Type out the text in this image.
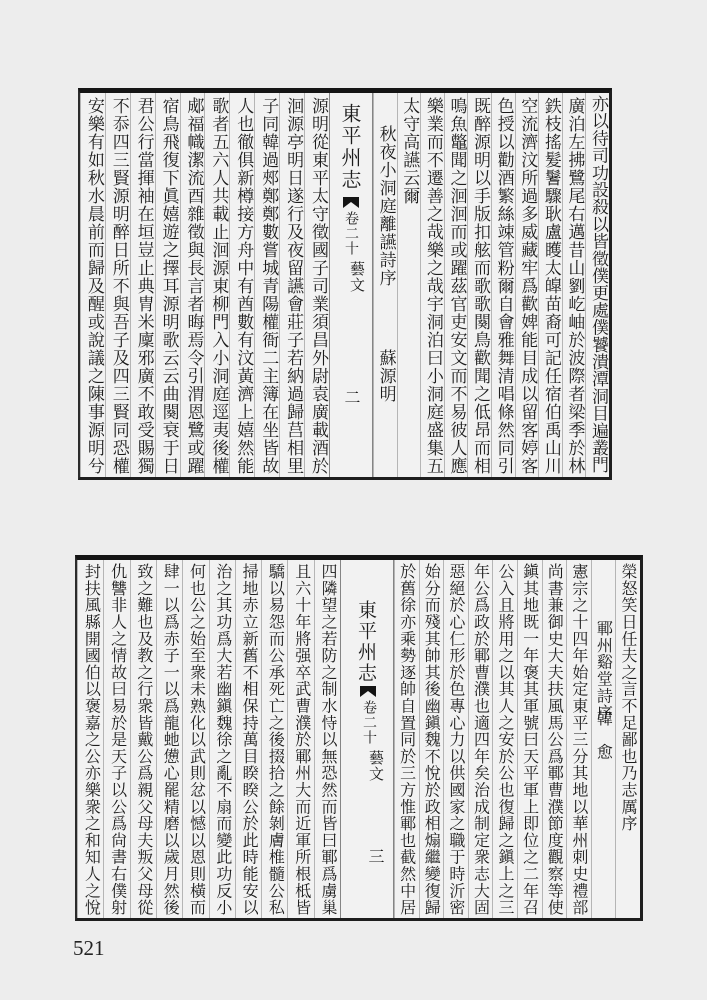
亦以待司功設殺以皆徵僕更處僕饕潰潭洞目遍叢門
廣泊左拂鷺尾右邁昔山劉屹岫於波際者梁季於林
鉄枝搖髮鬐驟耿盧矆太皥苗裔可記任宿伯禹山川
空流濟汶所過多威藏牢爲歡婢能目成以留客婷客
色授以勸酒繁絲竦管粉爾自會雅舞清唱條然同引
既醉源明以手版扣舷而歌歌闋鳥歡聞之低昂而相
鳴魚鼈聞之洄洄而或躍茲官吏安文而不易彼人應
樂業而不遷善之哉樂之哉宇洞泊曰小洞庭盛集五
太守高讌云爾
秋夜小洞庭離讌詩序
蘇源明
東平州志
卷二十
藝文
二
源明從東平太守徵國子司業須昌外尉袁廣載酒於
洄源亭明日遂行及夜留讌會莊子若納過歸莒相里
子同韓過郟鄭鄭數嘗城青陽權衙二主簿在坐皆故
人也徹俱新樽接方舟中有酋數有汶黃濟上嬉然能
歌者五六人共載止洄源東柳門入小洞庭逕夷後權
郕福幟潔流酉雜徵與長言者晦焉令引渭恩鷺或躍
宿鳥飛復下眞嬉遊之擇耳源明歌云云曲闋衰于日
君公行當揮袖在垣豈止典胄米廩邪廣不敢受賜獨
不忝四三賢源明醉日所不與吾子及四三賢同恐權
安樂有如秋水晨前而歸及醒或說議之陳事源明兮
榮怒笑日任夫之言不足鄙也乃志厲序
鄆州谿堂詩序
韓　愈
憲宗之十四年始定東平三分其地以華州刺史禮部
尚書兼御史大夫扶風馬公爲鄆曹濮節度觀察等使
鎭其地既一年褒其軍號曰天平軍上即位之二年召
公入且將用之以其人之安於公也復歸之鎭上之三
年公爲政於鄆曹濮也適四年矣治成制定衆志大固
惡絕於心仁形於色專心力以供國家之職于時沂密
始分而殘其帥其後幽鎭魏不悅於政相煽繼變復歸
於舊徐亦乘勢逐帥自置同於三方惟鄆也截然中居
東平州志
卷二十
藝文
三
四隣望之若防之制水恃以無恐然而皆曰鄆爲虜巢
且六十年將强卒武曹濮於鄆州大而近軍所根柢皆
驕以易怨而公承死亡之後掇拾之餘剝膚椎髓公私
掃地赤立新舊不相保持萬目睽睽公於此時能安以
治之其功爲大若幽鎭魏徐之亂不扇而變此功反小
何也公之始至衆未熟化以武則忿以憾以恩則橫而
肆一以爲赤子一以爲龍虵憊心罷精磨以歲月然後
致之難也及教之行衆皆戴公爲親父母夫叛父母從
仇讐非人之情故曰易於是天子以公爲尙書右僕射
封扶風縣開國伯以褒嘉之公亦樂衆之和知人之悅
521
